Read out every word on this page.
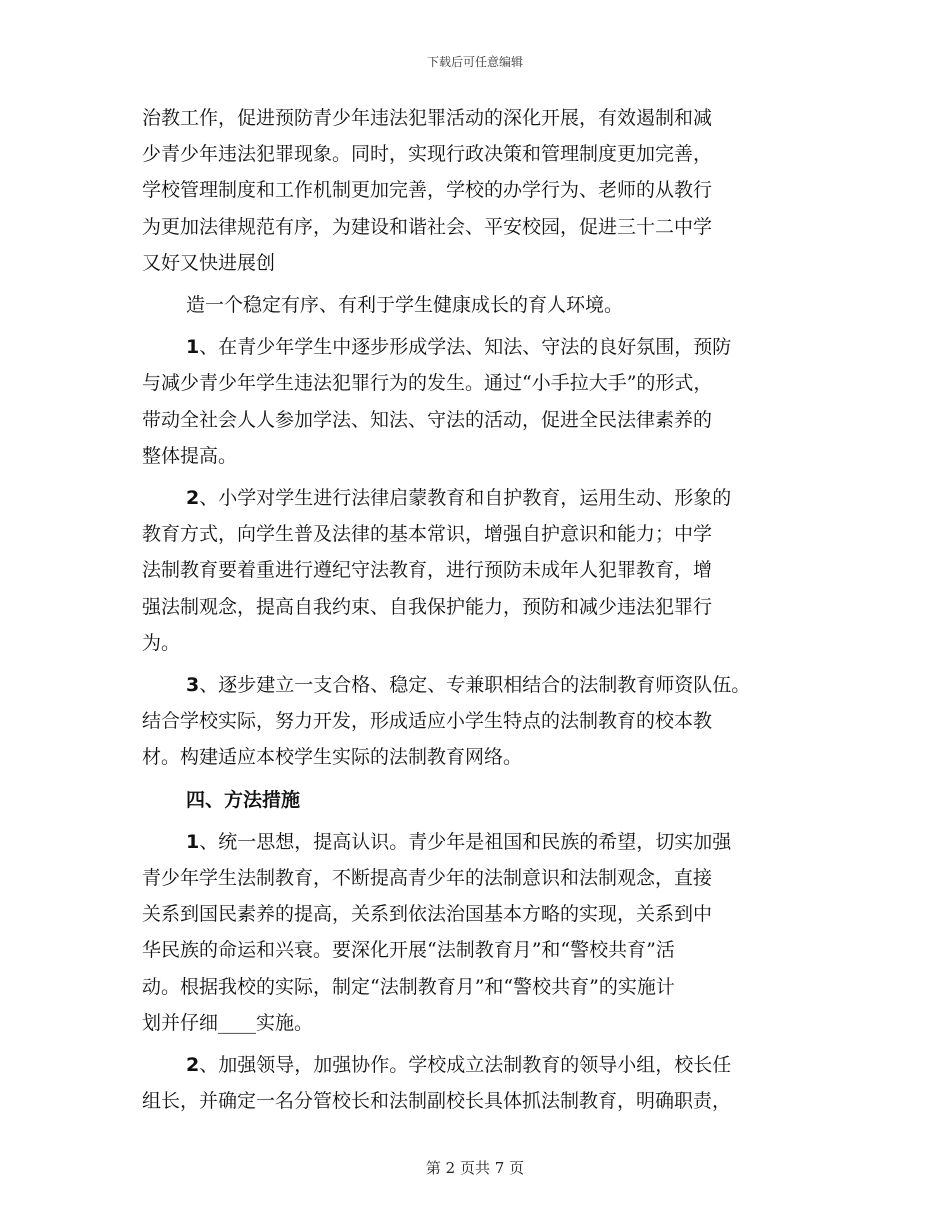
下载后可任意编辑

治教工作，促进预防青少年违法犯罪活动的深化开展，有效遏制和减
少青少年违法犯罪现象。同时，实现行政决策和管理制度更加完善，
学校管理制度和工作机制更加完善，学校的办学行为、老师的从教行
为更加法律规范有序，为建设和谐社会、平安校园，促进三十二中学
又好又快进展创

造一个稳定有序、有利于学生健康成长的育人环境。

1、在青少年学生中逐步形成学法、知法、守法的良好氛围，预防
与减少青少年学生违法犯罪行为的发生。通过“小手拉大手”的形式，
带动全社会人人参加学法、知法、守法的活动，促进全民法律素养的
整体提高。

2、小学对学生进行法律启蒙教育和自护教育，运用生动、形象的
教育方式，向学生普及法律的基本常识，增强自护意识和能力；中学
法制教育要着重进行遵纪守法教育，进行预防未成年人犯罪教育，增
强法制观念，提高自我约束、自我保护能力，预防和减少违法犯罪行
为。

3、逐步建立一支合格、稳定、专兼职相结合的法制教育师资队伍。
结合学校实际，努力开发，形成适应小学生特点的法制教育的校本教
材。构建适应本校学生实际的法制教育网络。

四、方法措施

1、统一思想，提高认识。青少年是祖国和民族的希望，切实加强
青少年学生法制教育，不断提高青少年的法制意识和法制观念，直接
关系到国民素养的提高，关系到依法治国基本方略的实现，关系到中
华民族的命运和兴衰。要深化开展“法制教育月”和“警校共育”活
动。根据我校的实际，制定“法制教育月”和“警校共育”的实施计
划并仔细____实施。

2、加强领导，加强协作。学校成立法制教育的领导小组，校长任
组长，并确定一名分管校长和法制副校长具体抓法制教育，明确职责，

第 2 页共 7 页
